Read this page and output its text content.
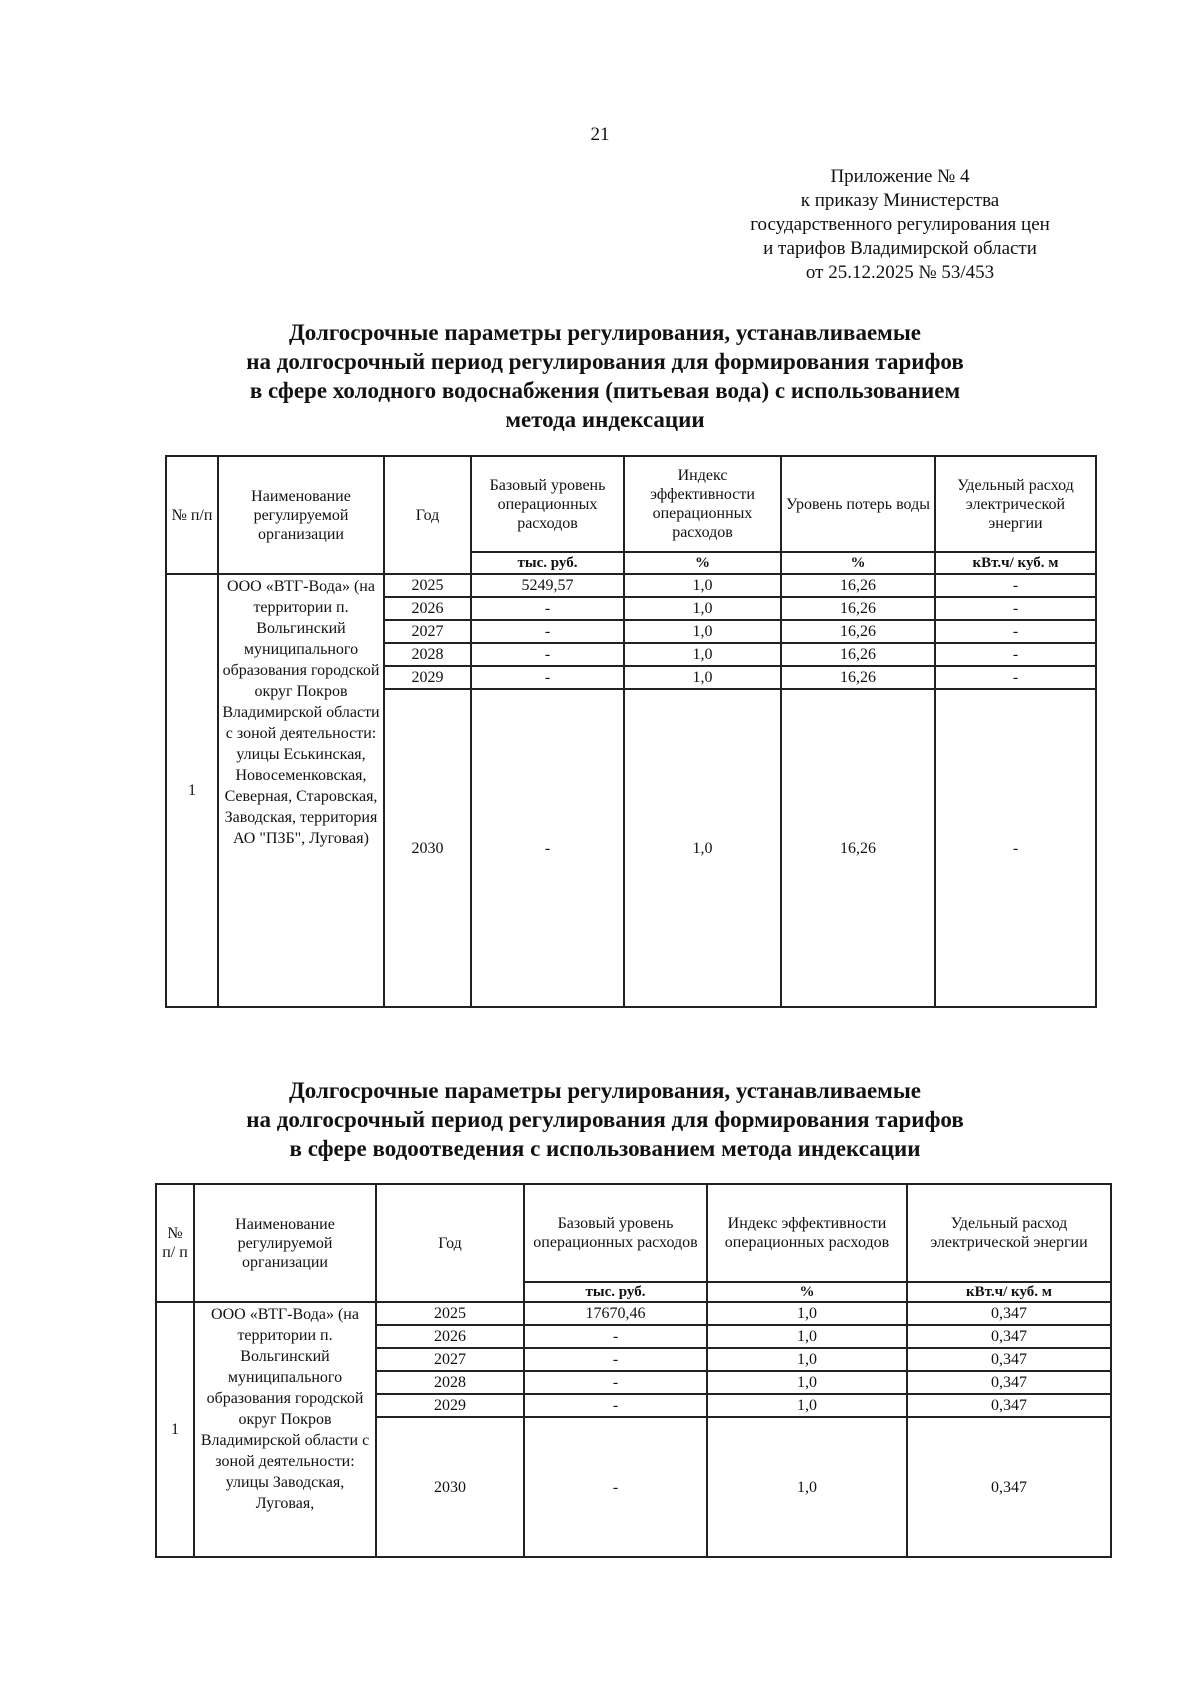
21
Приложение № 4
к приказу Министерства
государственного регулирования цен
и тарифов Владимирской области
от 25.12.2025 № 53/453
Долгосрочные параметры регулирования, устанавливаемые
на долгосрочный период регулирования для формирования тарифов
в сфере холодного водоснабжения (питьевая вода) с использованием
метода индексации
№ п/п	Наименование регулируемой организации	Год	Базовый уровень операционных расходов	Индекс эффективности операционных расходов	Уровень потерь воды	Удельный расход электрической энергии
			тыс. руб.	%	%	кВт.ч/ куб. м
1	ООО «ВТГ-Вода» (на территории п. Вольгинский муниципального образования городской округ Покров Владимирской области с зоной деятельности: улицы Еськинская, Новосеменковская, Северная, Старовская, Заводская, территория АО "ПЗБ", Луговая)	2025	5249,57	1,0	16,26	-
		2026	-	1,0	16,26	-
		2027	-	1,0	16,26	-
		2028	-	1,0	16,26	-
		2029	-	1,0	16,26	-
		2030	-	1,0	16,26	-
Долгосрочные параметры регулирования, устанавливаемые
на долгосрочный период регулирования для формирования тарифов
в сфере водоотведения с использованием метода индексации
№ п/ п	Наименование регулируемой организации	Год	Базовый уровень операционных расходов	Индекс эффективности операционных расходов	Удельный расход электрической энергии
			тыс. руб.	%	кВт.ч/ куб. м
1	ООО «ВТГ-Вода» (на территории п. Вольгинский муниципального образования городской округ Покров Владимирской области с зоной деятельности: улицы Заводская, Луговая,	2025	17670,46	1,0	0,347
		2026	-	1,0	0,347
		2027	-	1,0	0,347
		2028	-	1,0	0,347
		2029	-	1,0	0,347
		2030	-	1,0	0,347
